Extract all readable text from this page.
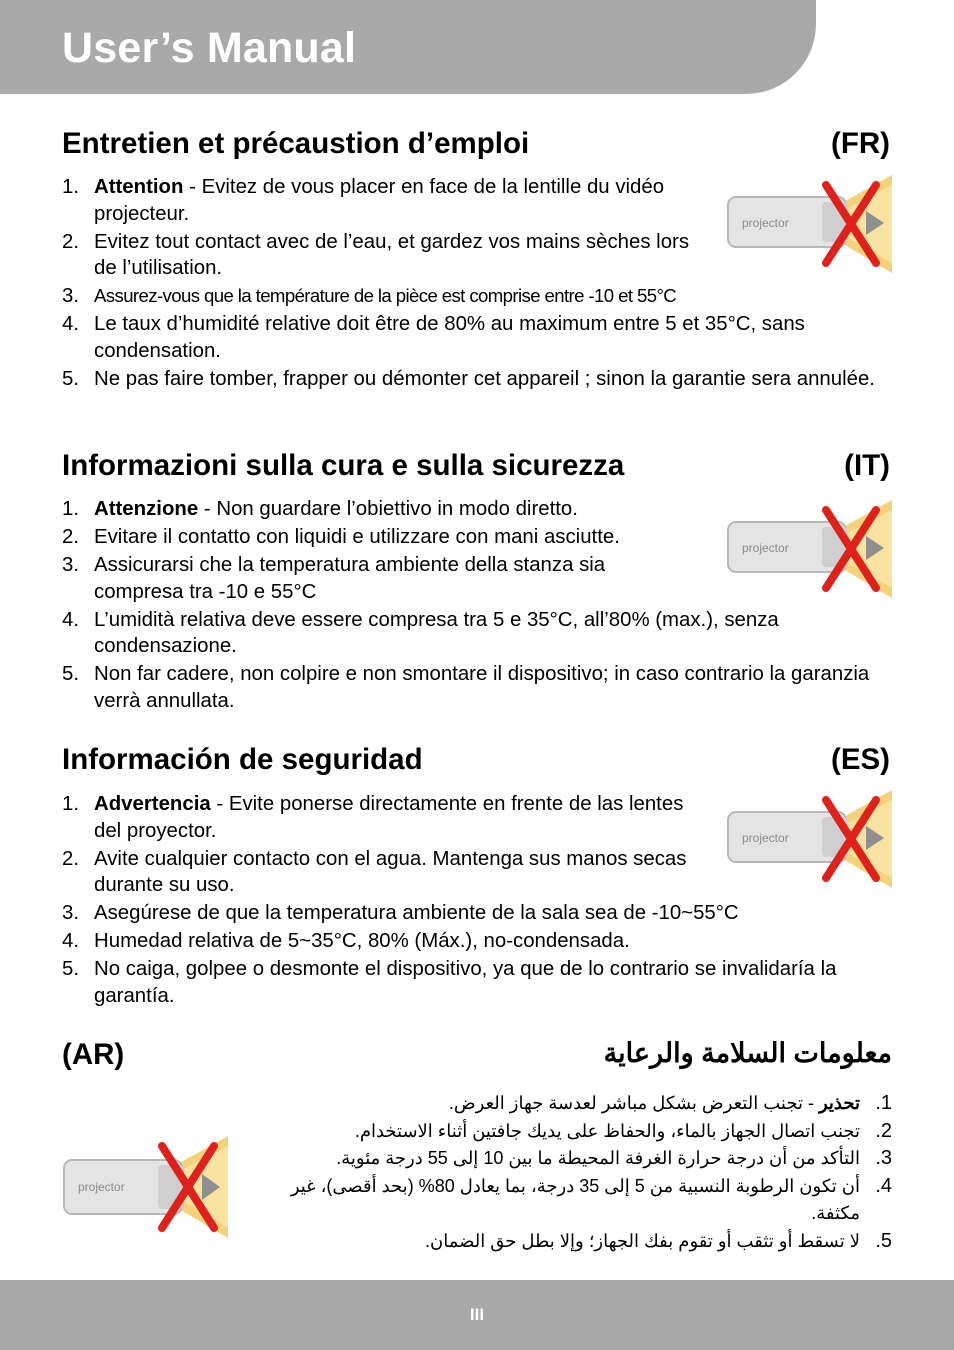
User’s Manual
Entretien et précaustion d’emploi	(FR)
1. Attention - Evitez de vous placer en face de la lentille du vidéo projecteur.
2. Evitez tout contact avec de l’eau, et gardez vos mains sèches lors de l’utilisation.
3. Assurez-vous que la température de la pièce est comprise entre -10 et 55°C
4. Le taux d’humidité relative doit être de 80% au maximum entre 5 et 35°C, sans condensation.
5. Ne pas faire tomber, frapper ou démonter cet appareil ; sinon la garantie sera annulée.
Informazioni sulla cura e sulla sicurezza	(IT)
1. Attenzione - Non guardare l’obiettivo in modo diretto.
2. Evitare il contatto con liquidi e utilizzare con mani asciutte.
3. Assicurarsi che la temperatura ambiente della stanza sia compresa tra -10 e 55°C
4. L’umidità relativa deve essere compresa tra 5 e 35°C, all’80% (max.), senza condensazione.
5. Non far cadere, non colpire e non smontare il dispositivo; in caso contrario la garanzia verrà annullata.
Información de seguridad	(ES)
1. Advertencia - Evite ponerse directamente en frente de las lentes del proyector.
2. Avite cualquier contacto con el agua. Mantenga sus manos secas durante su uso.
3. Asegúrese de que la temperatura ambiente de la sala sea de -10~55°C
4. Humedad relativa de 5~35°C, 80% (Máx.), no-condensada.
5. No caiga, golpee o desmonte el dispositivo, ya que de lo contrario se invalidaría la garantía.
projector
projector
projector
projector
(AR)	معلومات السلامة والرعاية
.1
تحذير - تجنب التعرض بشكل مباشر لعدسة جهاز العرض.
.2
تجنب اتصال الجهاز بالماء، والحفاظ على يديك جافتين أثناء الاستخدام.
.3
التأكد من أن درجة حرارة الغرفة المحيطة ما بين 10 إلى 55 درجة مئوية.
.4
أن تكون الرطوبة النسبية من 5 إلى 35 درجة، بما يعادل 80% (بحد أقصى)، غير مكثفة.
.5
لا تسقط أو تثقب أو تقوم بفك الجهاز؛ وإلا بطل حق الضمان.
III
